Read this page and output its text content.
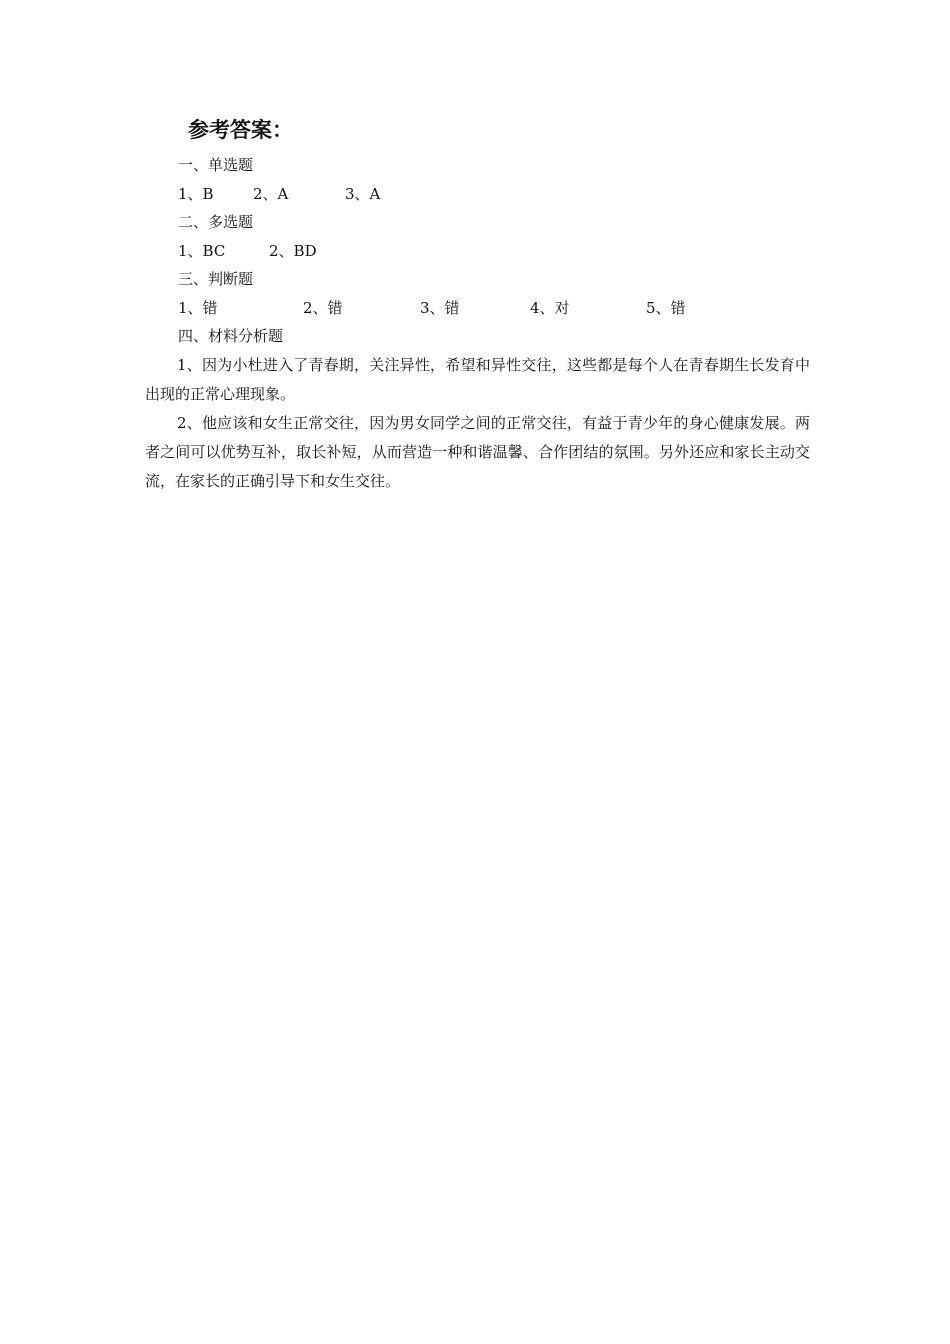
参考答案：
一、单选题
1、B	2、A	3、A
二、多选题
1、BC	2、BD
三、判断题
1、错	2、错	3、错	4、对	5、错
四、材料分析题
1、因为小杜进入了青春期，关注异性，希望和异性交往，这些都是每个人在青春期生长发育中出现的正常心理现象。
2、他应该和女生正常交往，因为男女同学之间的正常交往，有益于青少年的身心健康发展。两者之间可以优势互补，取长补短，从而营造一种和谐温馨、合作团结的氛围。另外还应和家长主动交流，在家长的正确引导下和女生交往。
